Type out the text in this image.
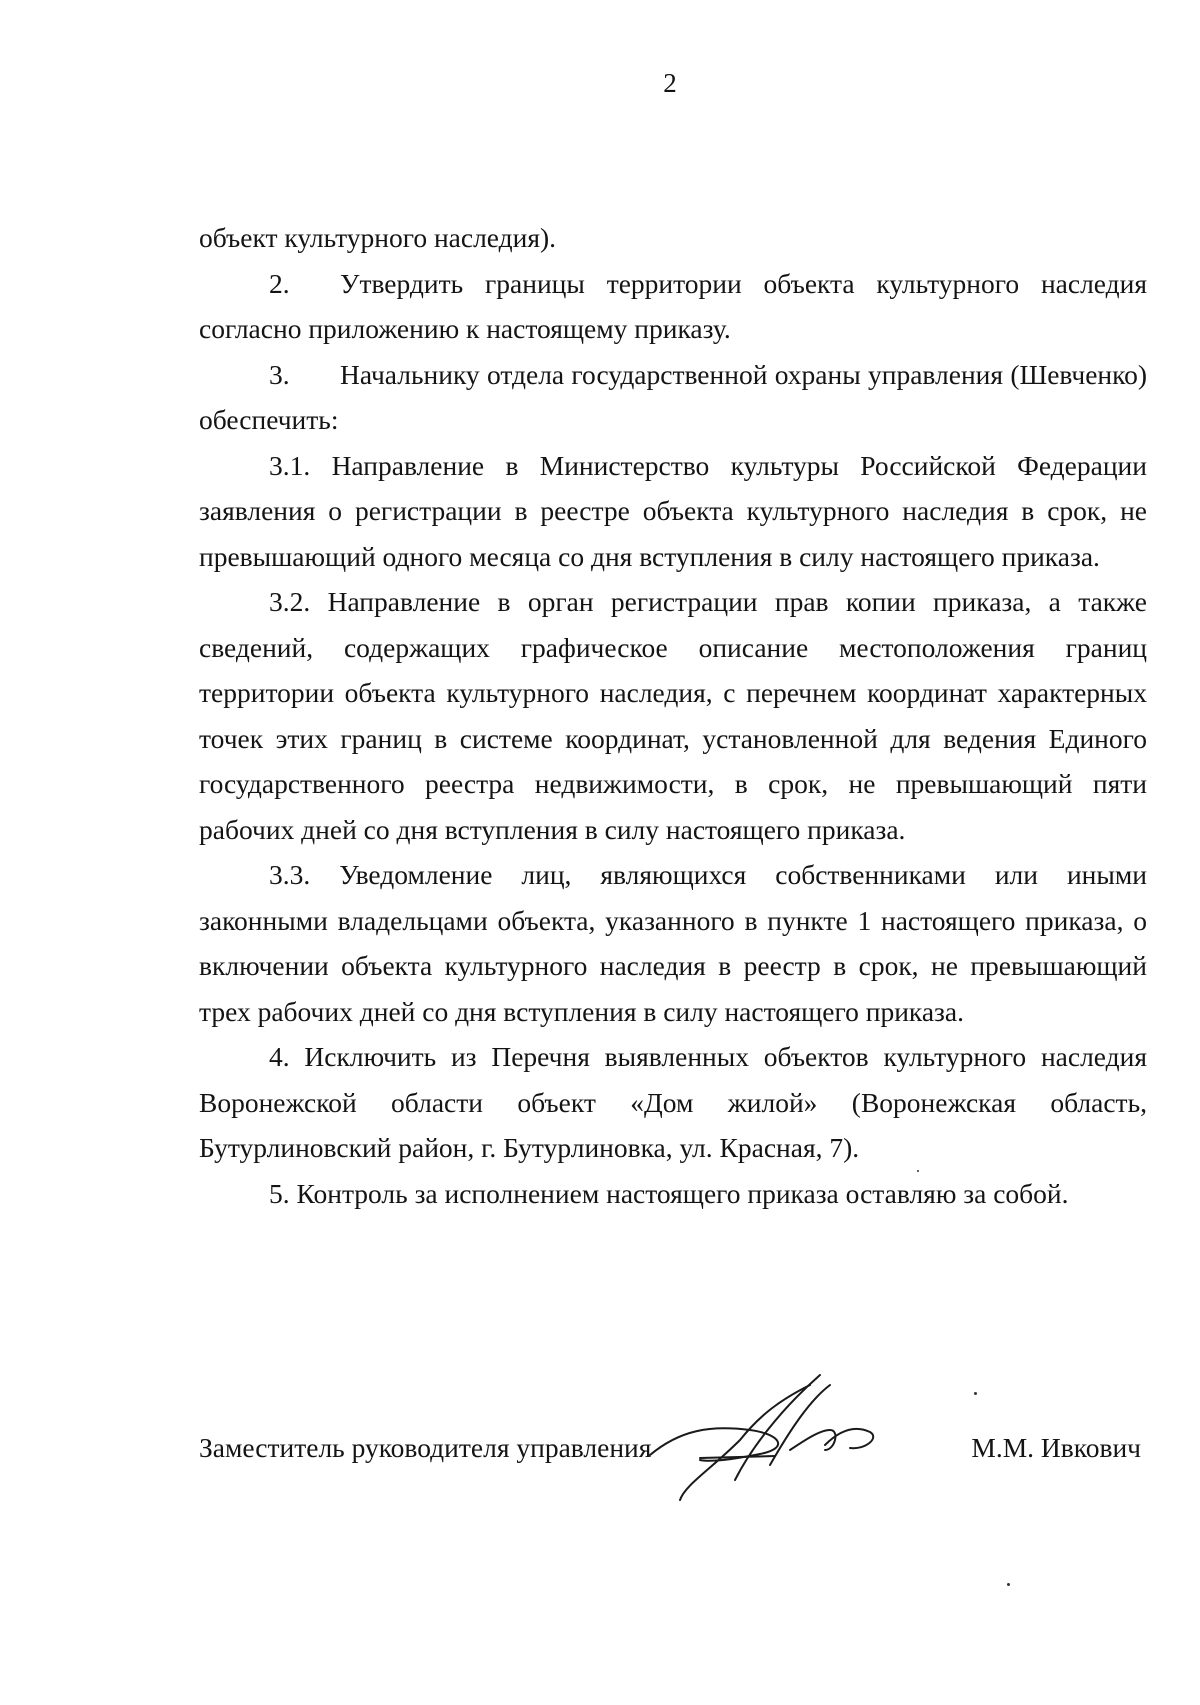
2

объект культурного наследия).

2. Утвердить границы территории объекта культурного наследия согласно приложению к настоящему приказу.

3. Начальнику отдела государственной охраны управления (Шевченко) обеспечить:

3.1. Направление в Министерство культуры Российской Федерации заявления о регистрации в реестре объекта культурного наследия в срок, не превышающий одного месяца со дня вступления в силу настоящего приказа.

3.2. Направление в орган регистрации прав копии приказа, а также сведений, содержащих графическое описание местоположения границ территории объекта культурного наследия, с перечнем координат характерных точек этих границ в системе координат, установленной для ведения Единого государственного реестра недвижимости, в срок, не превышающий пяти рабочих дней со дня вступления в силу настоящего приказа.

3.3. Уведомление лиц, являющихся собственниками или иными законными владельцами объекта, указанного в пункте 1 настоящего приказа, о включении объекта культурного наследия в реестр в срок, не превышающий трех рабочих дней со дня вступления в силу настоящего приказа.

4. Исключить из Перечня выявленных объектов культурного наследия Воронежской области объект «Дом жилой» (Воронежская область, Бутурлиновский район, г. Бутурлиновка, ул. Красная, 7).

5. Контроль за исполнением настоящего приказа оставляю за собой.

Заместитель руководителя управления	М.М. Ивкович
